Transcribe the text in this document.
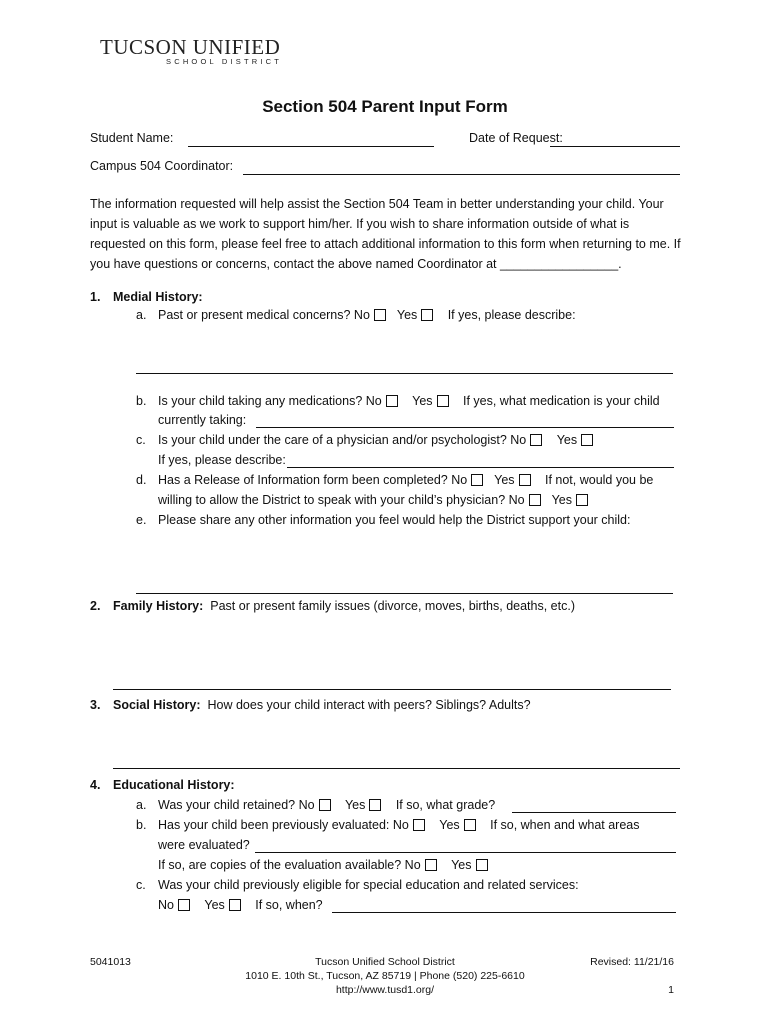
TUCSON UNIFIED
SCHOOL DISTRICT
Section 504 Parent Input Form
Student Name:	Date of Request:
Campus 504 Coordinator:
The information requested will help assist the Section 504 Team in better understanding your child. Your input is valuable as we work to support him/her. If you wish to share information outside of what is requested on this form, please feel free to attach additional information to this form when returning to me. If you have questions or concerns, contact the above named Coordinator at _________________.
1. Medial History:
a. Past or present medical concerns? No Yes If yes, please describe:
b. Is your child taking any medications? No Yes If yes, what medication is your child
currently taking:
c. Is your child under the care of a physician and/or psychologist? No Yes
If yes, please describe:
d. Has a Release of Information form been completed? No Yes If not, would you be
willing to allow the District to speak with your child’s physician? No Yes
e. Please share any other information you feel would help the District support your child:
2. Family History: Past or present family issues (divorce, moves, births, deaths, etc.)
3. Social History: How does your child interact with peers? Siblings? Adults?
4. Educational History:
a. Was your child retained? No Yes If so, what grade?
b. Has your child been previously evaluated: No Yes If so, when and what areas
were evaluated?
If so, are copies of the evaluation available? No Yes
c. Was your child previously eligible for special education and related services:
No Yes If so, when?
5041013	Tucson Unified School District
1010 E. 10th St., Tucson, AZ 85719 | Phone (520) 225-6610
http://www.tusd1.org/
Revised: 11/21/16
1
